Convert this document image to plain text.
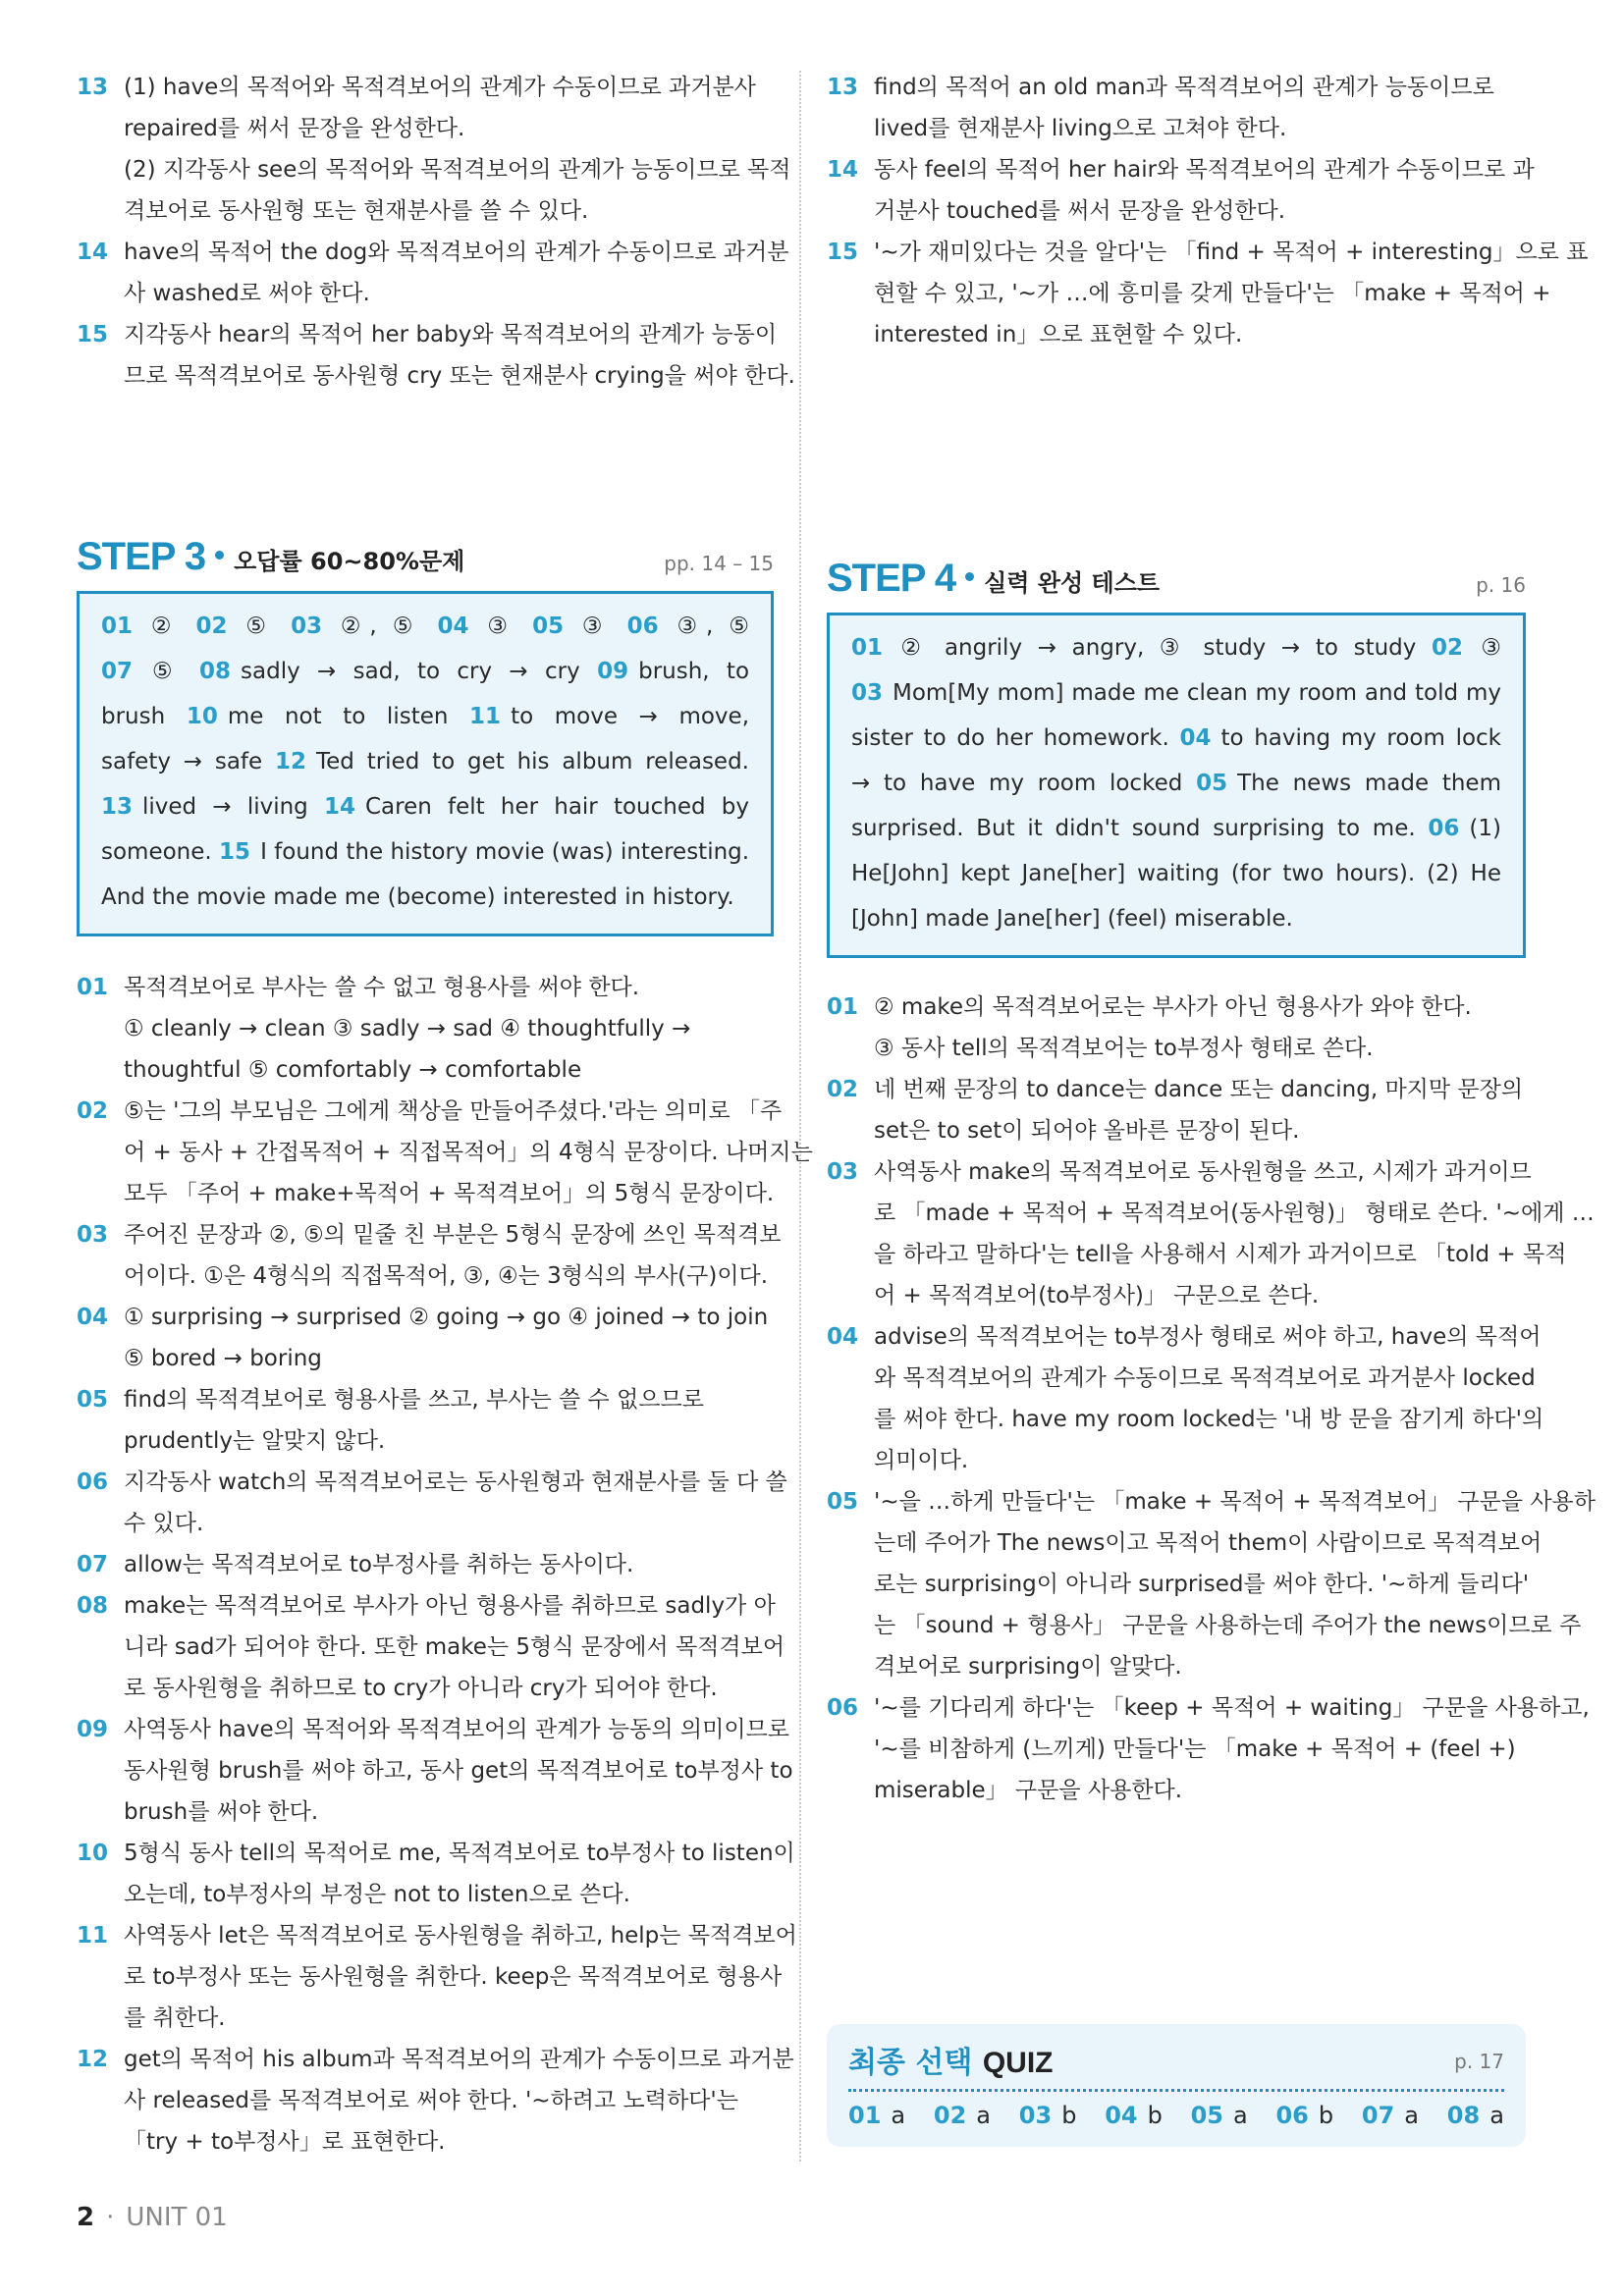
13 (1) have의 목적어와 목적격보어의 관계가 수동이므로 과거분사
repaired를 써서 문장을 완성한다.
(2) 지각동사 see의 목적어와 목적격보어의 관계가 능동이므로 목적
격보어로 동사원형 또는 현재분사를 쓸 수 있다.
14 have의 목적어 the dog와 목적격보어의 관계가 수동이므로 과거분
사 washed로 써야 한다.
15 지각동사 hear의 목적어 her baby와 목적격보어의 관계가 능동이
므로 목적격보어로 동사원형 cry 또는 현재분사 crying을 써야 한다.
STEP 3 오답률 60~80%문제	pp. 14 – 15
01 ② 02 ⑤ 03 ②, ⑤ 04 ③ 05 ③ 06 ③, ⑤
07 ⑤ 08 sadly → sad, to cry → cry 09 brush, to
brush 10 me not to listen 11 to move → move,
safety → safe 12 Ted tried to get his album released.
13 lived → living 14 Caren felt her hair touched by
someone. 15 I found the history movie (was) interesting.
And the movie made me (become) interested in history.
01 목적격보어로 부사는 쓸 수 없고 형용사를 써야 한다.
① cleanly → clean ③ sadly → sad ④ thoughtfully →
thoughtful ⑤ comfortably → comfortable
02 ⑤는 '그의 부모님은 그에게 책상을 만들어주셨다.'라는 의미로 「주
어 + 동사 + 간접목적어 + 직접목적어」의 4형식 문장이다. 나머지는
모두 「주어 + make+목적어 + 목적격보어」의 5형식 문장이다.
03 주어진 문장과 ②, ⑤의 밑줄 친 부분은 5형식 문장에 쓰인 목적격보
어이다. ①은 4형식의 직접목적어, ③, ④는 3형식의 부사(구)이다.
04 ① surprising → surprised ② going → go ④ joined → to join
⑤ bored → boring
05 find의 목적격보어로 형용사를 쓰고, 부사는 쓸 수 없으므로
prudently는 알맞지 않다.
06 지각동사 watch의 목적격보어로는 동사원형과 현재분사를 둘 다 쓸
수 있다.
07 allow는 목적격보어로 to부정사를 취하는 동사이다.
08 make는 목적격보어로 부사가 아닌 형용사를 취하므로 sadly가 아
니라 sad가 되어야 한다. 또한 make는 5형식 문장에서 목적격보어
로 동사원형을 취하므로 to cry가 아니라 cry가 되어야 한다.
09 사역동사 have의 목적어와 목적격보어의 관계가 능동의 의미이므로
동사원형 brush를 써야 하고, 동사 get의 목적격보어로 to부정사 to
brush를 써야 한다.
10 5형식 동사 tell의 목적어로 me, 목적격보어로 to부정사 to listen이
오는데, to부정사의 부정은 not to listen으로 쓴다.
11 사역동사 let은 목적격보어로 동사원형을 취하고, help는 목적격보어
로 to부정사 또는 동사원형을 취한다. keep은 목적격보어로 형용사
를 취한다.
12 get의 목적어 his album과 목적격보어의 관계가 수동이므로 과거분
사 released를 목적격보어로 써야 한다. '~하려고 노력하다'는
「try + to부정사」로 표현한다.
13 find의 목적어 an old man과 목적격보어의 관계가 능동이므로
lived를 현재분사 living으로 고쳐야 한다.
14 동사 feel의 목적어 her hair와 목적격보어의 관계가 수동이므로 과
거분사 touched를 써서 문장을 완성한다.
15 '~가 재미있다는 것을 알다'는 「find + 목적어 + interesting」으로 표
현할 수 있고, '~가 …에 흥미를 갖게 만들다'는 「make + 목적어 +
interested in」으로 표현할 수 있다.
STEP 4 실력 완성 테스트	p. 16
01 ② angrily → angry, ③ study → to study 02 ③
03 Mom[My mom] made me clean my room and told my
sister to do her homework. 04 to having my room lock
→ to have my room locked 05 The news made them
surprised. But it didn't sound surprising to me. 06 (1)
He[John] kept Jane[her] waiting (for two hours). (2) He
[John] made Jane[her] (feel) miserable.
01 ② make의 목적격보어로는 부사가 아닌 형용사가 와야 한다.
③ 동사 tell의 목적격보어는 to부정사 형태로 쓴다.
02 네 번째 문장의 to dance는 dance 또는 dancing, 마지막 문장의
set은 to set이 되어야 올바른 문장이 된다.
03 사역동사 make의 목적격보어로 동사원형을 쓰고, 시제가 과거이므
로 「made + 목적어 + 목적격보어(동사원형)」 형태로 쓴다. '~에게 …
을 하라고 말하다'는 tell을 사용해서 시제가 과거이므로 「told + 목적
어 + 목적격보어(to부정사)」 구문으로 쓴다.
04 advise의 목적격보어는 to부정사 형태로 써야 하고, have의 목적어
와 목적격보어의 관계가 수동이므로 목적격보어로 과거분사 locked
를 써야 한다. have my room locked는 '내 방 문을 잠기게 하다'의
의미이다.
05 '~을 …하게 만들다'는 「make + 목적어 + 목적격보어」 구문을 사용하
는데 주어가 The news이고 목적어 them이 사람이므로 목적격보어
로는 surprising이 아니라 surprised를 써야 한다. '~하게 들리다'
는 「sound + 형용사」 구문을 사용하는데 주어가 the news이므로 주
격보어로 surprising이 알맞다.
06 '~를 기다리게 하다'는 「keep + 목적어 + waiting」 구문을 사용하고,
'~를 비참하게 (느끼게) 만들다'는 「make + 목적어 + (feel +)
miserable」 구문을 사용한다.
최종 선택 QUIZ	p. 17
01 a 02 a 03 b 04 b 05 a 06 b 07 a 08 a
2 · UNIT 01
